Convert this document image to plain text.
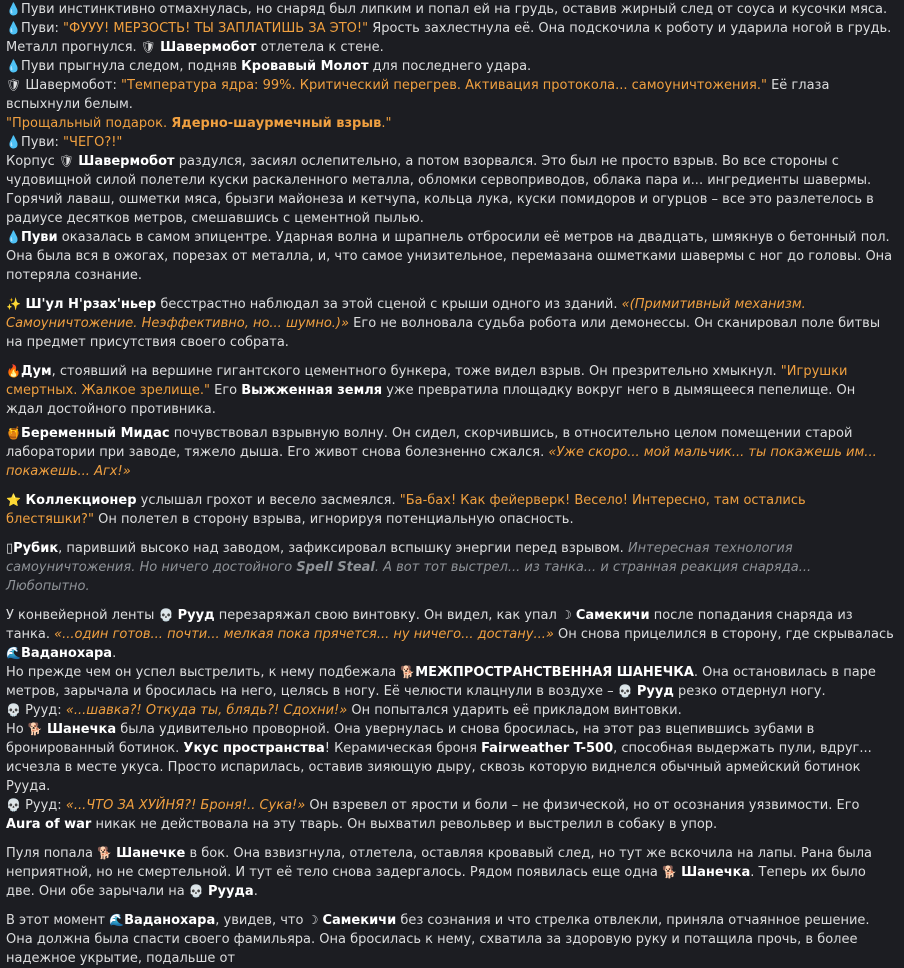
💧Пуви инстинктивно отмахнулась, но снаряд был липким и попал ей на грудь, оставив жирный след от соуса и кусочки мяса.

💧Пуви: "ФУУУ! МЕРЗОСТЬ! ТЫ ЗАПЛАТИШЬ ЗА ЭТО!" Ярость захлестнула её. Она подскочила к роботу и ударила ногой в грудь. Металл прогнулся. 🛡 Шавермобот отлетела к стене.

💧Пуви прыгнула следом, подняв Кровавый Молот для последнего удара.

🛡 Шавермобот: "Температура ядра: 99%. Критический перегрев. Активация протокола... самоуничтожения." Её глаза вспыхнули белым.
"Прощальный подарок. Ядерно-шаурмечный взрыв."

💧Пуви: "ЧЕГО?!"

Корпус 🛡 Шавермобот раздулся, засиял ослепительно, а потом взорвался. Это был не просто взрыв. Во все стороны с чудовищной силой полетели куски раскаленного металла, обломки сервоприводов, облака пара и... ингредиенты шавермы. Горячий лаваш, ошметки мяса, брызги майонеза и кетчупа, кольца лука, куски помидоров и огурцов – все это разлетелось в радиусе десятков метров, смешавшись с цементной пылью.

💧Пуви оказалась в самом эпицентре. Ударная волна и шрапнель отбросили её метров на двадцать, шмякнув о бетонный пол. Она была вся в ожогах, порезах от металла, и, что самое унизительное, перемазана ошметками шавермы с ног до головы. Она потеряла сознание.

✨ Ш'ул Н'рзах'ньер бесстрастно наблюдал за этой сценой с крыши одного из зданий. «(Примитивный механизм. Самоуничтожение. Неэффективно, но... шумно.)» Его не волновала судьба робота или демонессы. Он сканировал поле битвы на предмет присутствия своего собрата.

🔥Дум, стоявший на вершине гигантского цементного бункера, тоже видел взрыв. Он презрительно хмыкнул. "Игрушки смертных. Жалкое зрелище." Его Выжженная земля уже превратила площадку вокруг него в дымящееся пепелище. Он ждал достойного противника.

🍯Беременный Мидас почувствовал взрывную волну. Он сидел, скорчившись, в относительно целом помещении старой лаборатории при заводе, тяжело дыша. Его живот снова болезненно сжался. «Уже скоро... мой мальчик... ты покажешь им... покажешь... Агх!»

⭐ Коллекционер услышал грохот и весело засмеялся. "Ба-бах! Как фейерверк! Весело! Интересно, там остались блестяшки?" Он полетел в сторону взрыва, игнорируя потенциальную опасность.

▯Рубик, паривший высоко над заводом, зафиксировал вспышку энергии перед взрывом. Интересная технология самоуничтожения. Но ничего достойного Spell Steal. А вот тот выстрел... из танка... и странная реакция снаряда... Любопытно.

У конвейерной ленты 💀 Рууд перезаряжал свою винтовку. Он видел, как упал ☽ Самекичи после попадания снаряда из танка. «...один готов... почти... мелкая пока прячется... ну ничего... достану...» Он снова прицелился в сторону, где скрывалась 🌊Ваданохара.

Но прежде чем он успел выстрелить, к нему подбежала 🐕МЕЖПРОСТРАНСТВЕННАЯ ШАНЕЧКА. Она остановилась в паре метров, зарычала и бросилась на него, целясь в ногу. Её челюсти клацнули в воздухе – 💀 Рууд резко отдернул ногу.

💀 Рууд: «...шавка?! Откуда ты, блядь?! Сдохни!» Он попытался ударить её прикладом винтовки.

Но 🐕 Шанечка была удивительно проворной. Она увернулась и снова бросилась, на этот раз вцепившись зубами в бронированный ботинок. Укус пространства! Керамическая броня Fairweather T-500, способная выдержать пули, вдруг... исчезла в месте укуса. Просто испарилась, оставив зияющую дыру, сквозь которую виднелся обычный армейский ботинок Рууда.

💀 Рууд: «...ЧТО ЗА ХУЙНЯ?! Броня!.. Сука!» Он взревел от ярости и боли – не физической, но от осознания уязвимости. Его Aura of war никак не действовала на эту тварь. Он выхватил револьвер и выстрелил в собаку в упор.

Пуля попала 🐕 Шанечке в бок. Она взвизгнула, отлетела, оставляя кровавый след, но тут же вскочила на лапы. Рана была неприятной, но не смертельной. И тут её тело снова задергалось. Рядом появилась еще одна 🐕 Шанечка. Теперь их было две. Они обе зарычали на 💀 Рууда.

В этот момент 🌊Ваданохара, увидев, что ☽ Самекичи без сознания и что стрелка отвлекли, приняла отчаянное решение. Она должна была спасти своего фамильяра. Она бросилась к нему, схватила за здоровую руку и потащила прочь, в более надежное укрытие, подальше от
